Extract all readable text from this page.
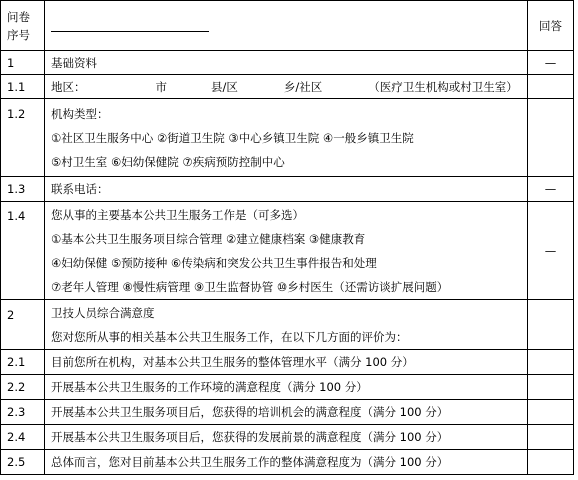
问卷
序号		回答
1	基础资料	—
1.1	地区： 市 县/区 乡/社区 （医疗卫生机构或村卫生室）	
1.2	机构类型：
①社区卫生服务中心 ②街道卫生院 ③中心乡镇卫生院 ④一般乡镇卫生院
⑤村卫生室 ⑥妇幼保健院 ⑦疾病预防控制中心	

1.3	联系电话：	—
1.4	您从事的主要基本公共卫生服务工作是（可多选）
①基本公共卫生服务项目综合管理 ②建立健康档案 ③健康教育
④妇幼保健 ⑤预防接种 ⑥传染病和突发公共卫生事件报告和处理
⑦老年人管理 ⑧慢性病管理 ⑨卫生监督协管 ⑩乡村医生（还需访谈扩展问题）	—
2	卫技人员综合满意度
您对您所从事的相关基本公共卫生服务工作，在以下几方面的评价为：	

2.1	目前您所在机构，对基本公共卫生服务的整体管理水平（满分 100 分）	
2.2	开展基本公共卫生服务的工作环境的满意程度（满分 100 分）	
2.3	开展基本公共卫生服务项目后，您获得的培训机会的满意程度（满分 100 分）	
2.4	开展基本公共卫生服务项目后，您获得的发展前景的满意程度（满分 100 分）	
2.5	总体而言，您对目前基本公共卫生服务工作的整体满意程度为（满分 100 分）	
